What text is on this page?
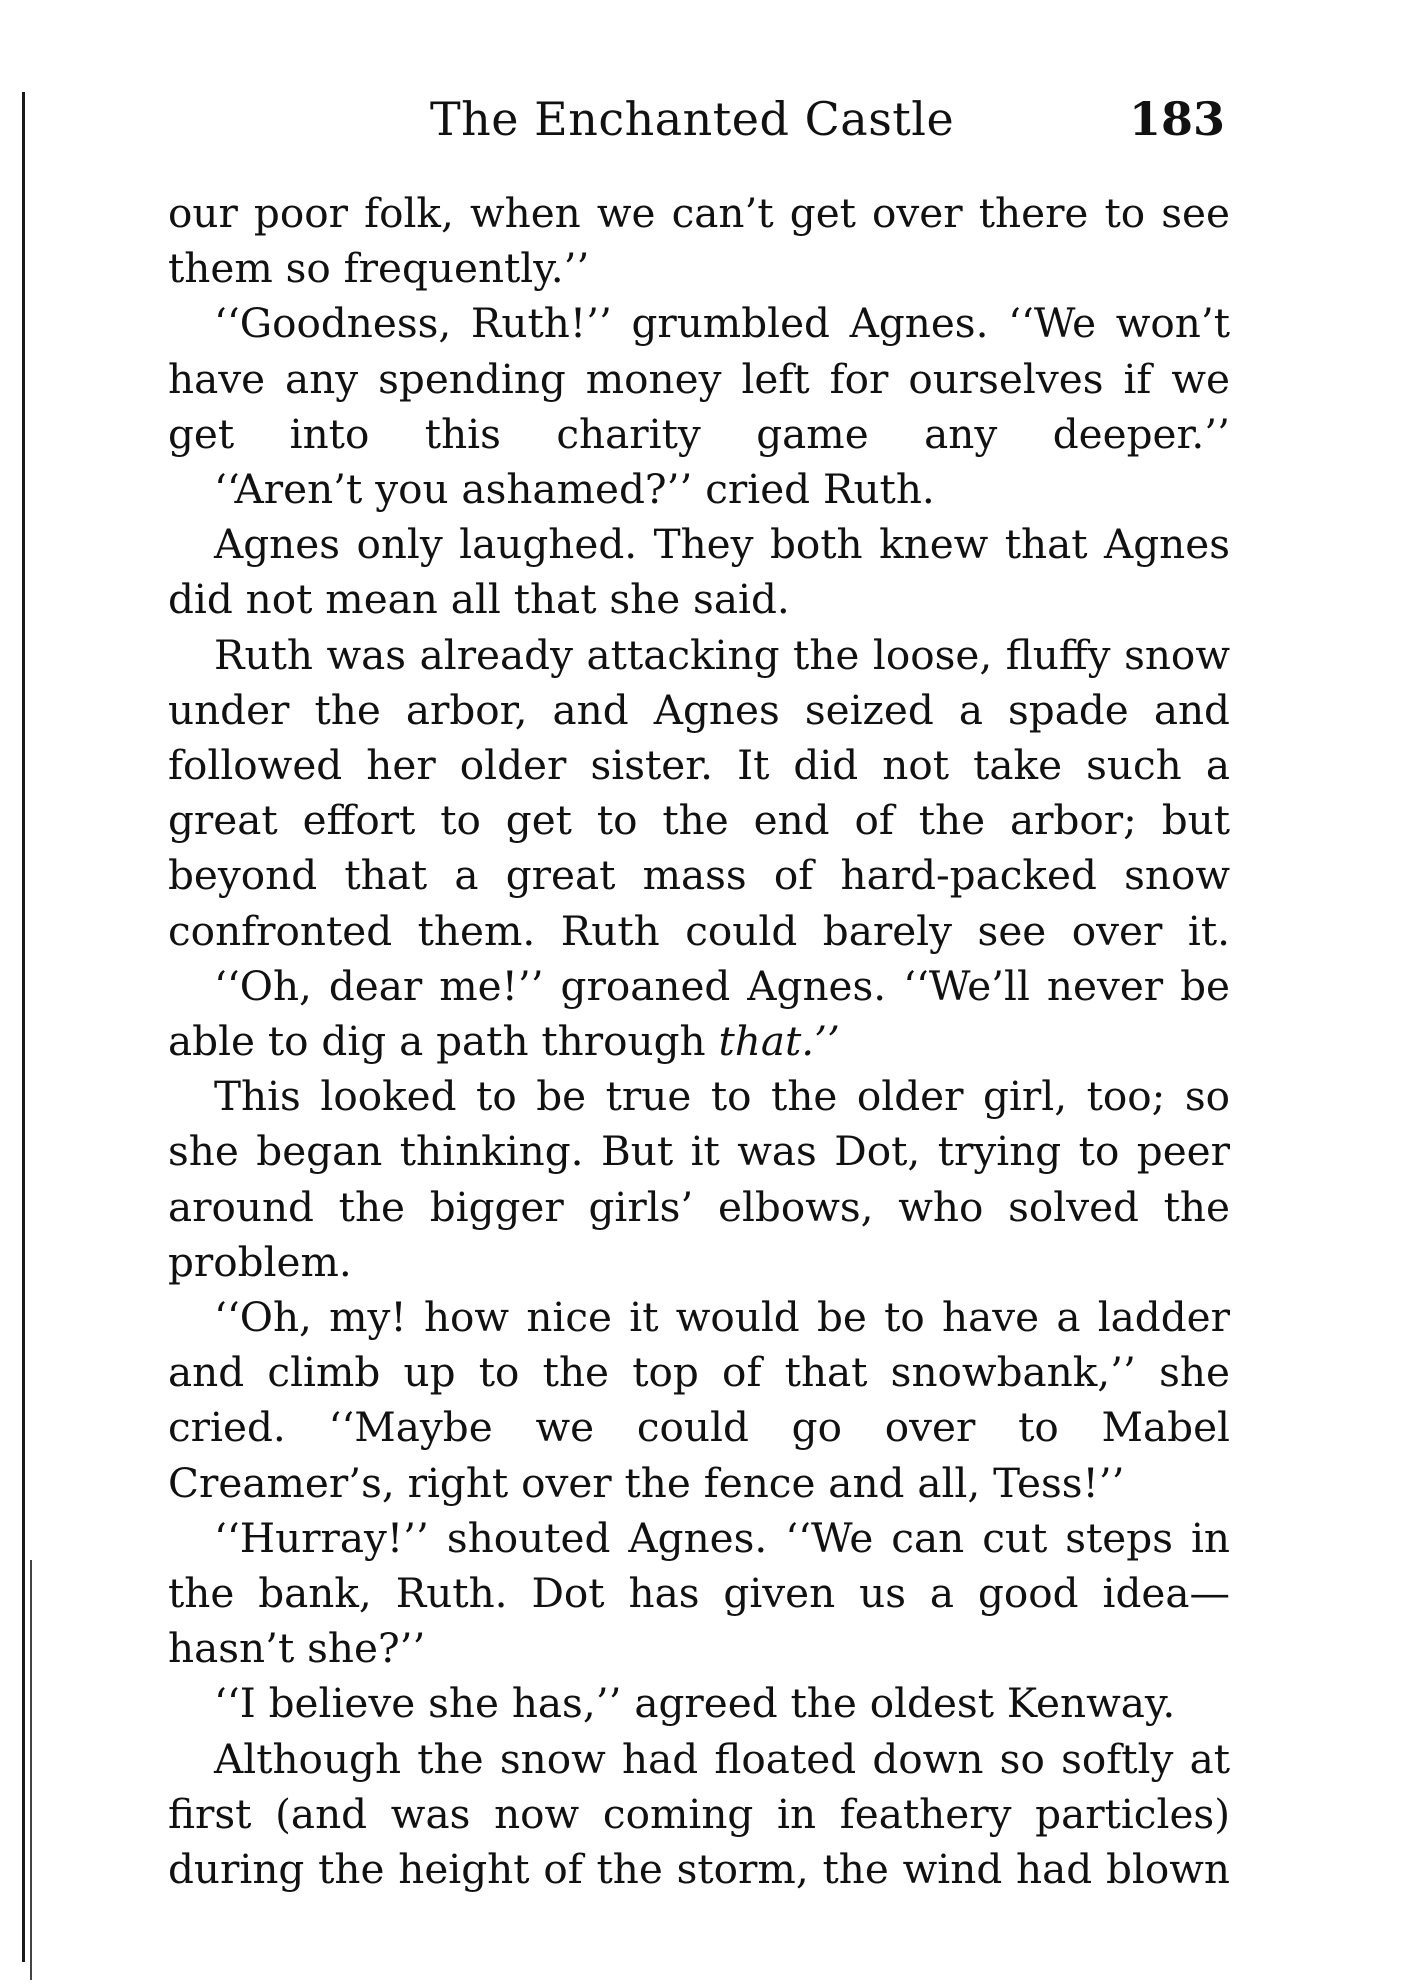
The Enchanted Castle	183

our poor folk, when we can’t get over there to see them so frequently.’’

‘‘Goodness, Ruth!’’ grumbled Agnes. ‘‘We won’t have any spending money left for ourselves if we get into this charity game any deeper.’’

‘‘Aren’t you ashamed?’’ cried Ruth.

Agnes only laughed. They both knew that Agnes did not mean all that she said.

Ruth was already attacking the loose, fluffy snow under the arbor, and Agnes seized a spade and followed her older sister. It did not take such a great effort to get to the end of the arbor; but beyond that a great mass of hard-packed snow confronted them. Ruth could barely see over it.

‘‘Oh, dear me!’’ groaned Agnes. ‘‘We’ll never be able to dig a path through that.’’

This looked to be true to the older girl, too; so she began thinking. But it was Dot, trying to peer around the bigger girls’ elbows, who solved the problem.

‘‘Oh, my! how nice it would be to have a ladder and climb up to the top of that snowbank,’’ she cried. ‘‘Maybe we could go over to Mabel Creamer’s, right over the fence and all, Tess!’’

‘‘Hurray!’’ shouted Agnes. ‘‘We can cut steps in the bank, Ruth. Dot has given us a good idea—hasn’t she?’’

‘‘I believe she has,’’ agreed the oldest Kenway.

Although the snow had floated down so softly at first (and was now coming in feathery particles) during the height of the storm, the wind had blown
